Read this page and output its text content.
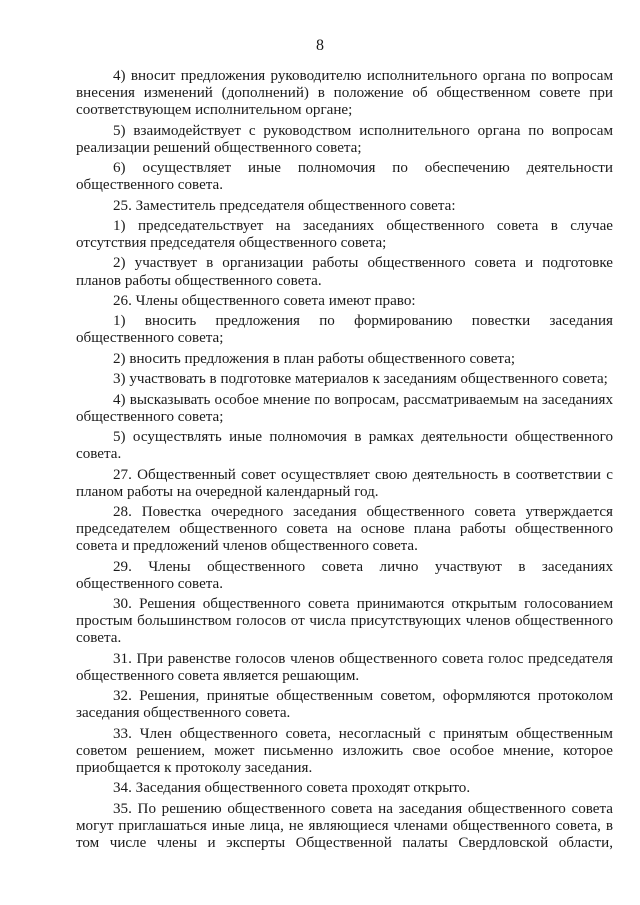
8

4) вносит предложения руководителю исполнительного органа по вопросам внесения изменений (дополнений) в положение об общественном совете при соответствующем исполнительном органе;

5) взаимодействует с руководством исполнительного органа по вопросам реализации решений общественного совета;

6) осуществляет иные полномочия по обеспечению деятельности общественного совета.

25. Заместитель председателя общественного совета:

1) председательствует на заседаниях общественного совета в случае отсутствия председателя общественного совета;

2) участвует в организации работы общественного совета и подготовке планов работы общественного совета.

26. Члены общественного совета имеют право:

1) вносить предложения по формированию повестки заседания общественного совета;

2) вносить предложения в план работы общественного совета;

3) участвовать в подготовке материалов к заседаниям общественного совета;

4) высказывать особое мнение по вопросам, рассматриваемым на заседаниях общественного совета;

5) осуществлять иные полномочия в рамках деятельности общественного совета.

27. Общественный совет осуществляет свою деятельность в соответствии с планом работы на очередной календарный год.

28. Повестка очередного заседания общественного совета утверждается председателем общественного совета на основе плана работы общественного совета и предложений членов общественного совета.

29. Члены общественного совета лично участвуют в заседаниях общественного совета.

30. Решения общественного совета принимаются открытым голосованием простым большинством голосов от числа присутствующих членов общественного совета.

31. При равенстве голосов членов общественного совета голос председателя общественного совета является решающим.

32. Решения, принятые общественным советом, оформляются протоколом заседания общественного совета.

33. Член общественного совета, несогласный с принятым общественным советом решением, может письменно изложить свое особое мнение, которое приобщается к протоколу заседания.

34. Заседания общественного совета проходят открыто.

35. По решению общественного совета на заседания общественного совета могут приглашаться иные лица, не являющиеся членами общественного совета, в том числе члены и эксперты Общественной палаты Свердловской области,
